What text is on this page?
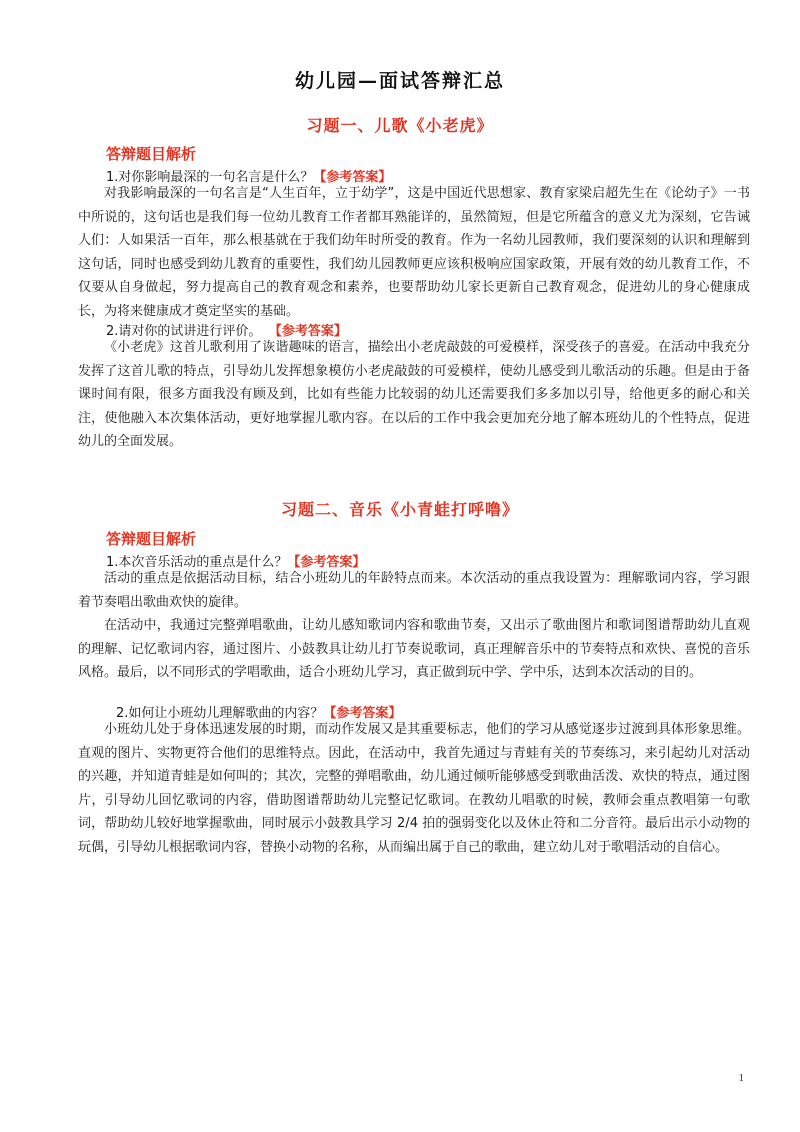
幼儿园—面试答辩汇总
习题一、儿歌《小老虎》
答辩题目解析
1.对你影响最深的一句名言是什么？【参考答案】
对我影响最深的一句名言是“人生百年，立于幼学”，这是中国近代思想家、教育家梁启超先生在《论幼子》一书中所说的，这句话也是我们每一位幼儿教育工作者都耳熟能详的，虽然简短，但是它所蕴含的意义尤为深刻，它告诫人们：人如果活一百年，那么根基就在于我们幼年时所受的教育。作为一名幼儿园教师，我们要深刻的认识和理解到这句话，同时也感受到幼儿教育的重要性，我们幼儿园教师更应该积极响应国家政策，开展有效的幼儿教育工作，不仅要从自身做起，努力提高自己的教育观念和素养，也要帮助幼儿家长更新自己教育观念，促进幼儿的身心健康成长，为将来健康成才奠定坚实的基础。
2.请对你的试讲进行评价。 【参考答案】
《小老虎》这首儿歌利用了诙谐趣味的语言，描绘出小老虎敲鼓的可爱模样，深受孩子的喜爱。在活动中我充分发挥了这首儿歌的特点，引导幼儿发挥想象模仿小老虎敲鼓的可爱模样，使幼儿感受到儿歌活动的乐趣。但是由于备课时间有限，很多方面我没有顾及到，比如有些能力比较弱的幼儿还需要我们多多加以引导，给他更多的耐心和关注，使他融入本次集体活动，更好地掌握儿歌内容。在以后的工作中我会更加充分地了解本班幼儿的个性特点，促进幼儿的全面发展。
习题二、音乐《小青蛙打呼噜》
答辩题目解析
1.本次音乐活动的重点是什么？【参考答案】
活动的重点是依据活动目标，结合小班幼儿的年龄特点而来。本次活动的重点我设置为：理解歌词内容，学习跟着节奏唱出歌曲欢快的旋律。
在活动中，我通过完整弹唱歌曲，让幼儿感知歌词内容和歌曲节奏，又出示了歌曲图片和歌词图谱帮助幼儿直观的理解、记忆歌词内容，通过图片、小鼓教具让幼儿打节奏说歌词，真正理解音乐中的节奏特点和欢快、喜悦的音乐风格。最后，以不同形式的学唱歌曲，适合小班幼儿学习，真正做到玩中学、学中乐，达到本次活动的目的。
2.如何让小班幼儿理解歌曲的内容？【参考答案】
小班幼儿处于身体迅速发展的时期，而动作发展又是其重要标志，他们的学习从感觉逐步过渡到具体形象思维。直观的图片、实物更符合他们的思维特点。因此，在活动中，我首先通过与青蛙有关的节奏练习，来引起幼儿对活动的兴趣，并知道青蛙是如何叫的；其次，完整的弹唱歌曲，幼儿通过倾听能够感受到歌曲活泼、欢快的特点，通过图片，引导幼儿回忆歌词的内容，借助图谱帮助幼儿完整记忆歌词。在教幼儿唱歌的时候，教师会重点教唱第一句歌词，帮助幼儿较好地掌握歌曲，同时展示小鼓教具学习 2/4 拍的强弱变化以及休止符和二分音符。最后出示小动物的玩偶，引导幼儿根据歌词内容，替换小动物的名称，从而编出属于自己的歌曲，建立幼儿对于歌唱活动的自信心。
1
